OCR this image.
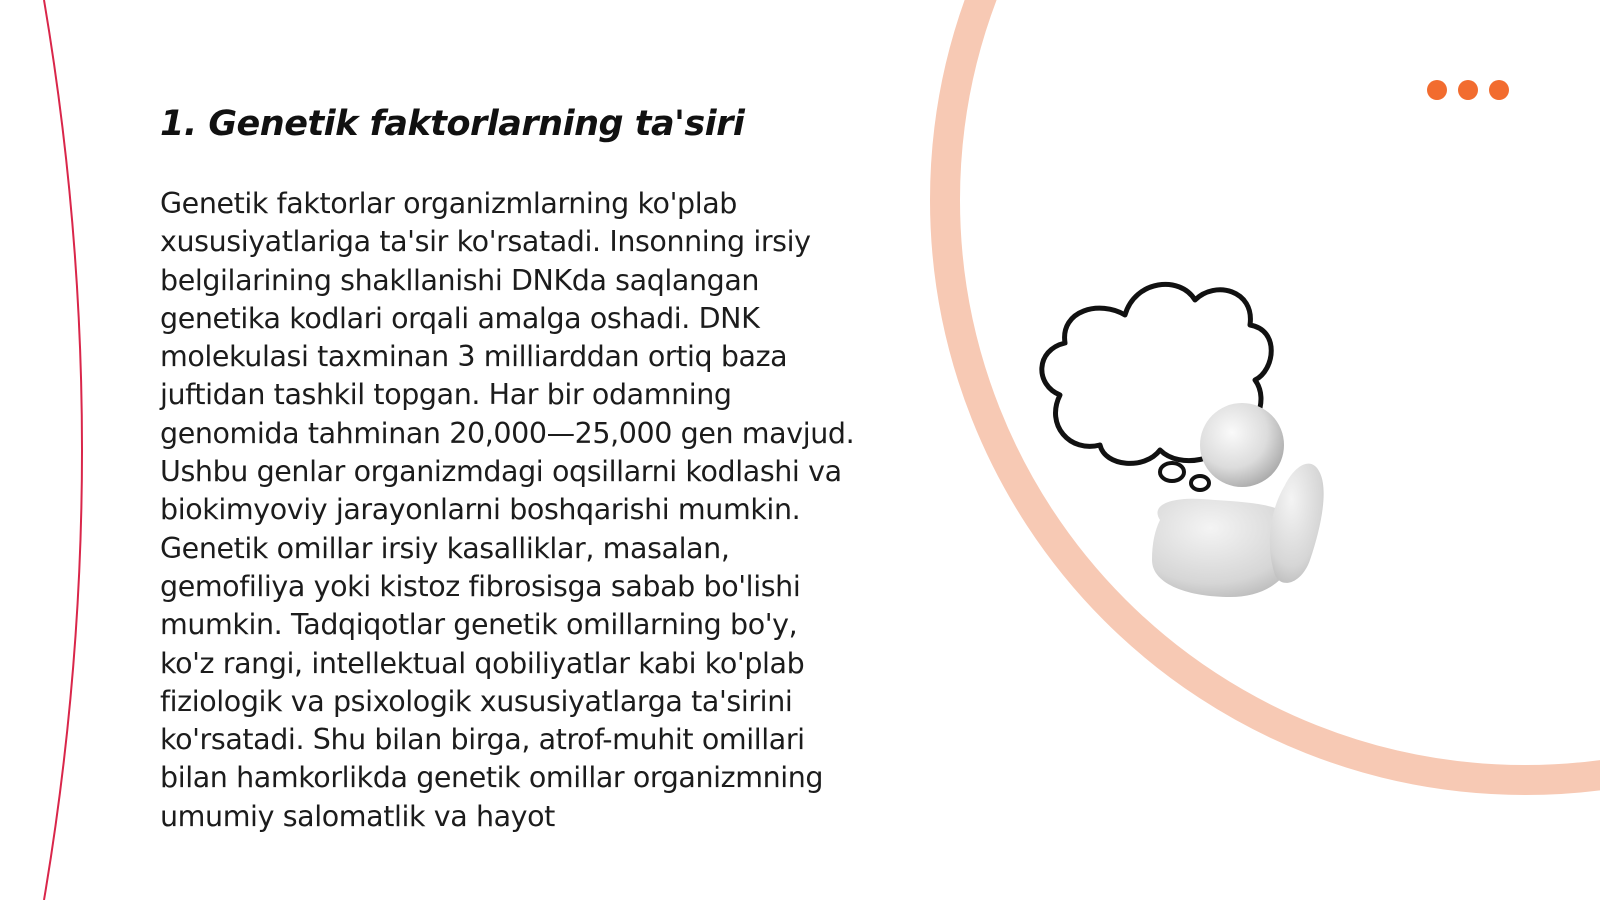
1. Genetik faktorlarning ta'siri

Genetik faktorlar organizmlarning ko'plab xususiyatlariga ta'sir ko'rsatadi. Insonning irsiy belgilarining shakllanishi DNKda saqlangan genetika kodlari orqali amalga oshadi. DNK molekulasi taxminan 3 milliarddan ortiq baza juftidan tashkil topgan. Har bir odamning genomida tahminan 20,000—25,000 gen mavjud. Ushbu genlar organizmdagi oqsillarni kodlashi va biokimyoviy jarayonlarni boshqarishi mumkin. Genetik omillar irsiy kasalliklar, masalan, gemofiliya yoki kistoz fibrosisga sabab bo'lishi mumkin. Tadqiqotlar genetik omillarning bo'y, ko'z rangi, intellektual qobiliyatlar kabi ko'plab fiziologik va psixologik xususiyatlarga ta'sirini ko'rsatadi. Shu bilan birga, atrof-muhit omillari bilan hamkorlikda genetik omillar organizmning umumiy salomatlik va hayot
